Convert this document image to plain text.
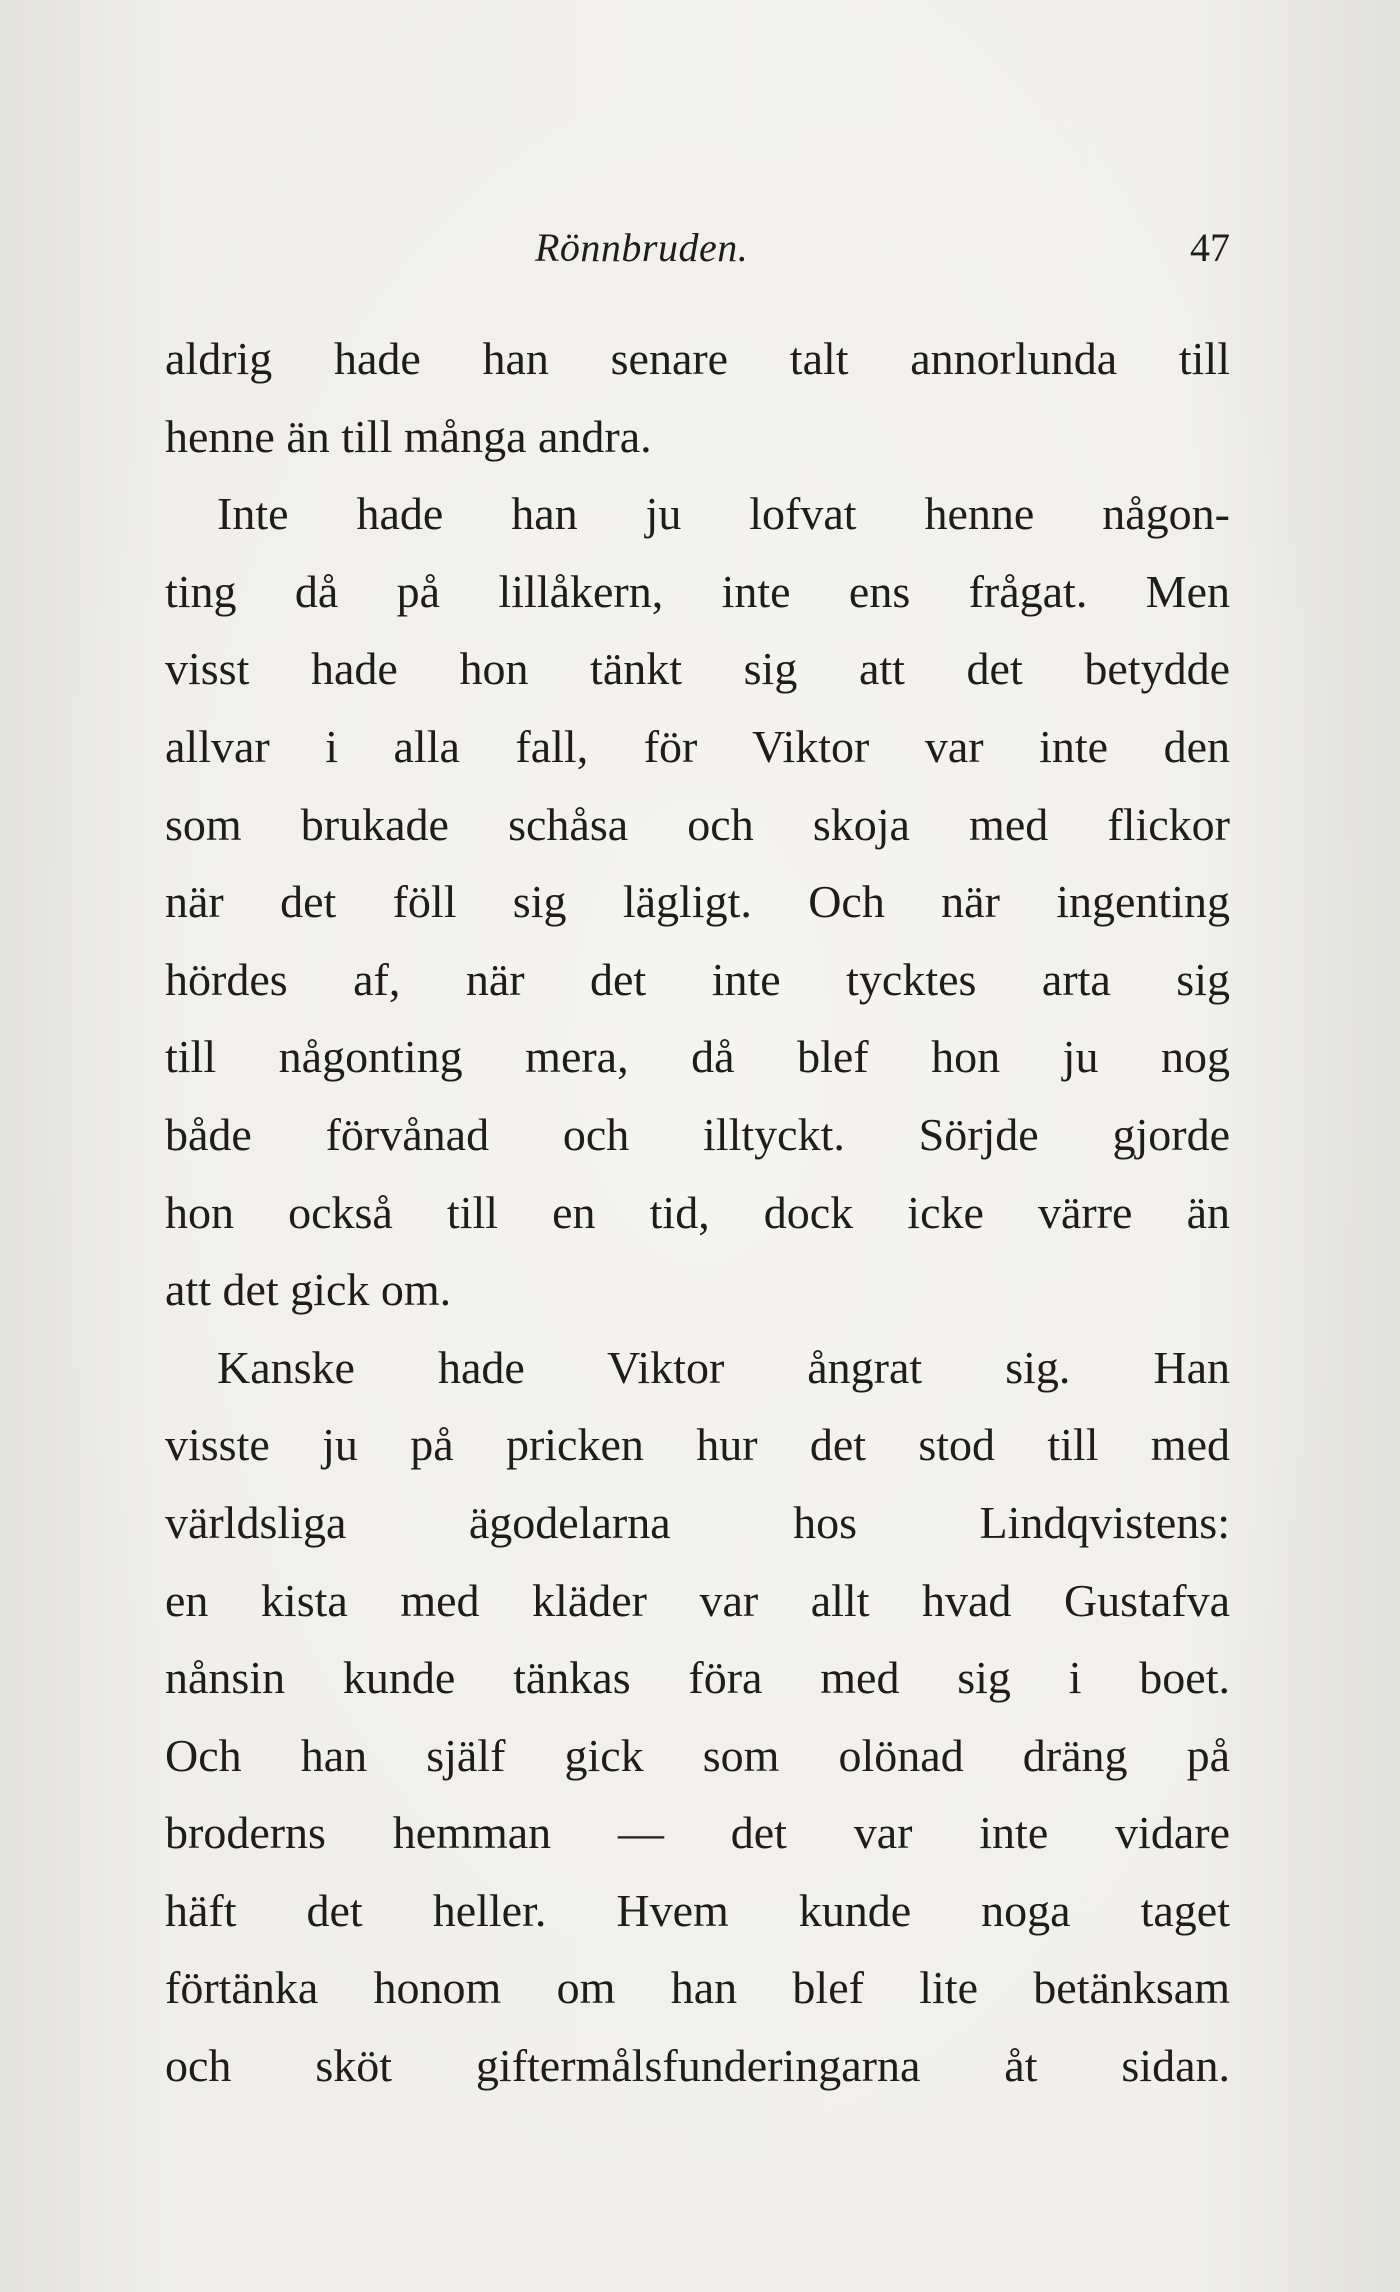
Rönnbruden.	47
aldrig hade han senare talt annorlunda till
henne än till många andra.
Inte hade han ju lofvat henne någon-
ting då på lillåkern, inte ens frågat. Men
visst hade hon tänkt sig att det betydde
allvar i alla fall, för Viktor var inte den
som brukade schåsa och skoja med flickor
när det föll sig lägligt. Och när ingenting
hördes af, när det inte tycktes arta sig
till någonting mera, då blef hon ju nog
både förvånad och illtyckt. Sörjde gjorde
hon också till en tid, dock icke värre än
att det gick om.
Kanske hade Viktor ångrat sig. Han
visste ju på pricken hur det stod till med
världsliga ägodelarna hos Lindqvistens:
en kista med kläder var allt hvad Gustafva
nånsin kunde tänkas föra med sig i boet.
Och han själf gick som olönad dräng på
broderns hemman — det var inte vidare
häft det heller. Hvem kunde noga taget
förtänka honom om han blef lite betänksam
och sköt giftermålsfunderingarna åt sidan.
